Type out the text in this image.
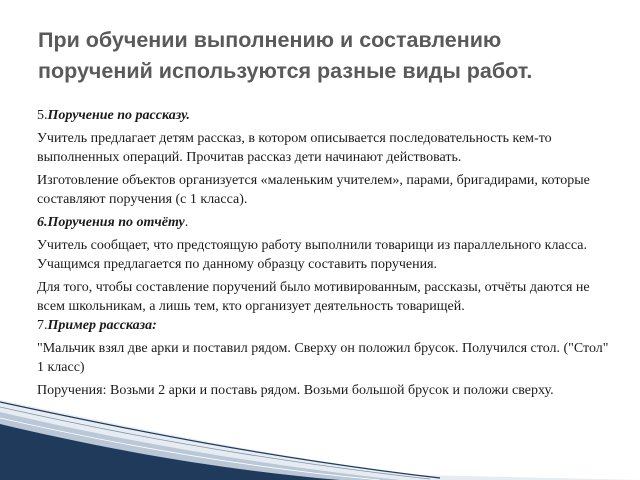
При обучении выполнению и составлению поручений используются разные виды работ.

5.Поручение по рассказу.

Учитель предлагает детям рассказ, в котором описывается последовательность кем-то выполненных операций. Прочитав рассказ дети начинают действовать.

Изготовление объектов организуется «маленьким учителем», парами, бригадирами, которые составляют поручения (с 1 класса).

6.Поручения по отчёту.

Учитель сообщает, что предстоящую работу выполнили товарищи из параллельного класса. Учащимся предлагается по данному образцу составить поручения.

Для того, чтобы составление поручений было мотивированным, рассказы, отчёты даются не всем школьникам, а лишь тем, кто организует деятельность товарищей.

7.Пример рассказа:

"Мальчик взял две арки и поставил рядом. Сверху он положил брусок. Получился стол. ("Стол" 1 класс)

Поручения: Возьми 2 арки и поставь рядом. Возьми большой брусок и положи сверху.
